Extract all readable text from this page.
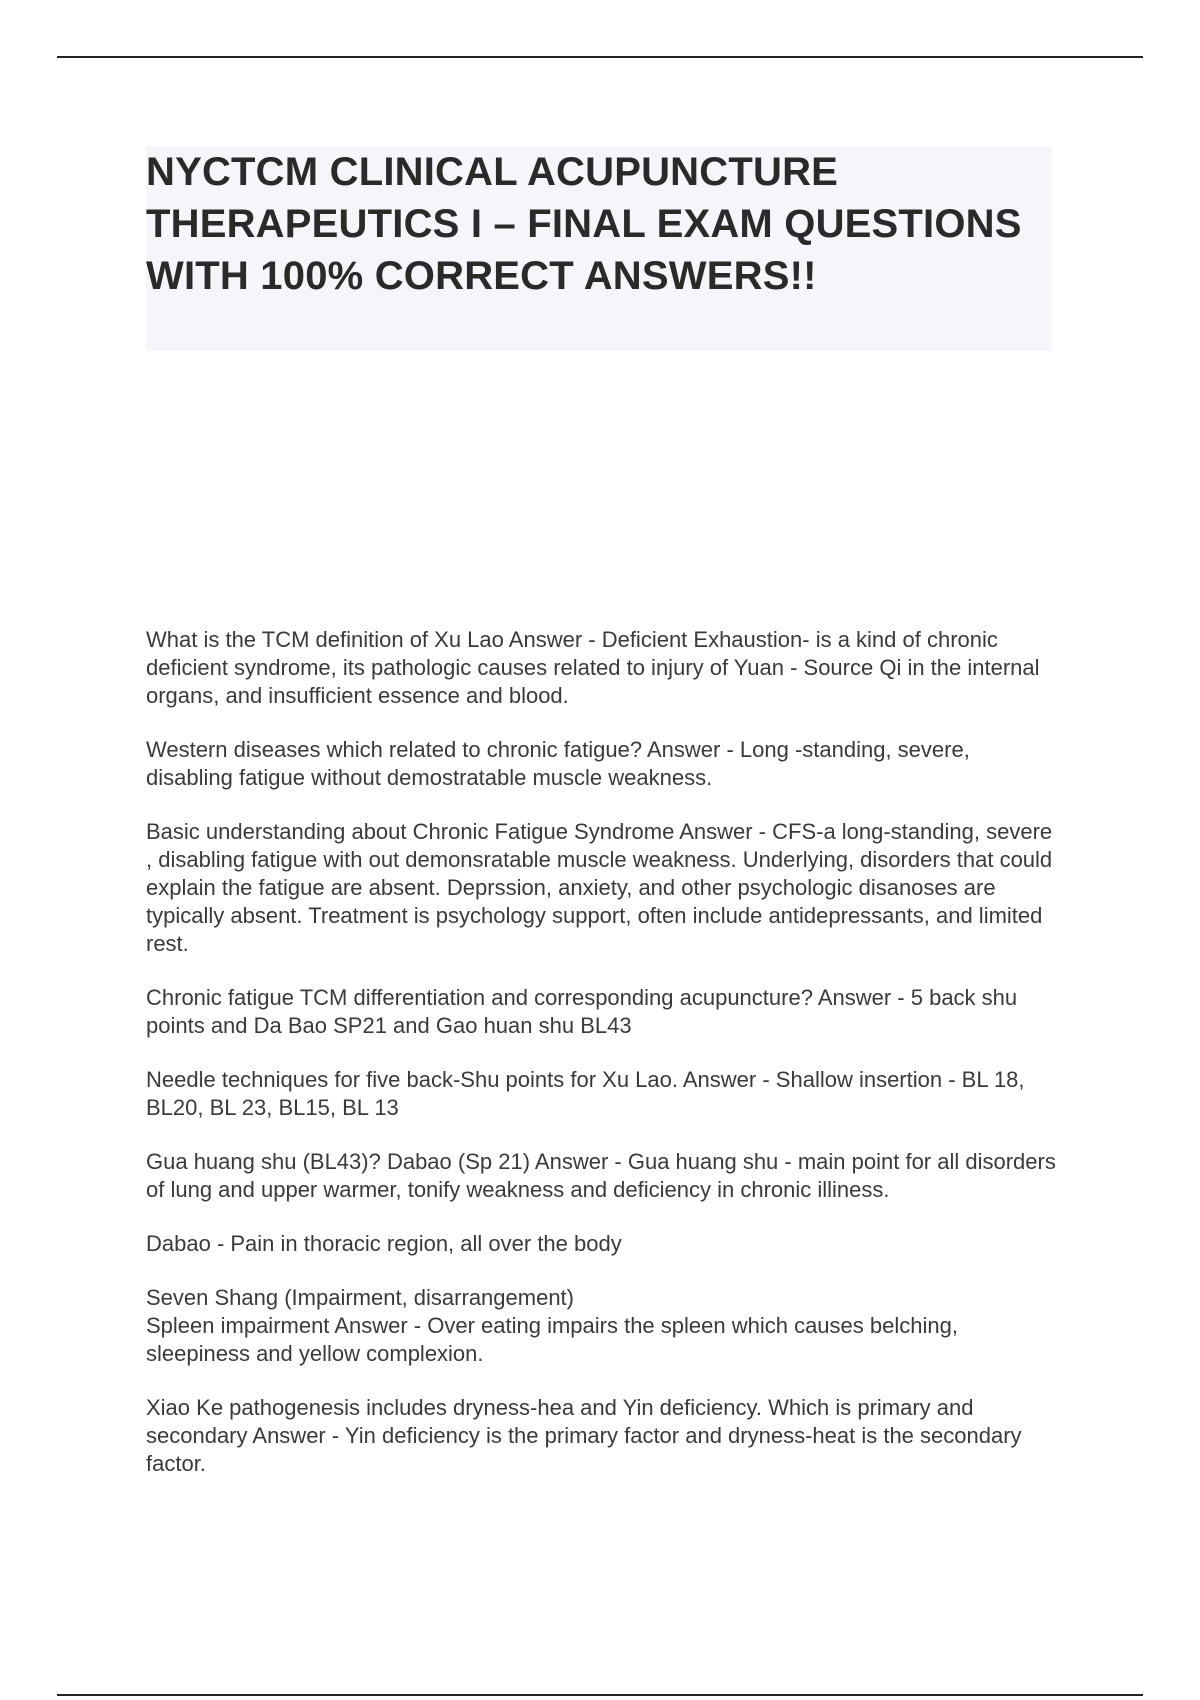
NYCTCM CLINICAL ACUPUNCTURE THERAPEUTICS I – FINAL EXAM QUESTIONS WITH 100% CORRECT ANSWERS!!

What is the TCM definition of Xu Lao Answer - Deficient Exhaustion- is a kind of chronic deficient syndrome, its pathologic causes related to injury of Yuan - Source Qi in the internal organs, and insufficient essence and blood.

Western diseases which related to chronic fatigue? Answer - Long -standing, severe, disabling fatigue without demostratable muscle weakness.

Basic understanding about Chronic Fatigue Syndrome Answer - CFS-a long-standing, severe , disabling fatigue with out demonsratable muscle weakness. Underlying, disorders that could explain the fatigue are absent. Deprssion, anxiety, and other psychologic disanoses are typically absent. Treatment is psychology support, often include antidepressants, and limited rest.

Chronic fatigue TCM differentiation and corresponding acupuncture? Answer - 5 back shu points and Da Bao SP21 and Gao huan shu BL43

Needle techniques for five back-Shu points for Xu Lao. Answer - Shallow insertion - BL 18, BL20, BL 23, BL15, BL 13

Gua huang shu (BL43)? Dabao (Sp 21) Answer - Gua huang shu - main point for all disorders of lung and upper warmer, tonify weakness and deficiency in chronic illiness.

Dabao - Pain in thoracic region, all over the body

Seven Shang (Impairment, disarrangement)
Spleen impairment Answer - Over eating impairs the spleen which causes belching, sleepiness and yellow complexion.

Xiao Ke pathogenesis includes dryness-hea and Yin deficiency. Which is primary and secondary Answer - Yin deficiency is the primary factor and dryness-heat is the secondary factor.
